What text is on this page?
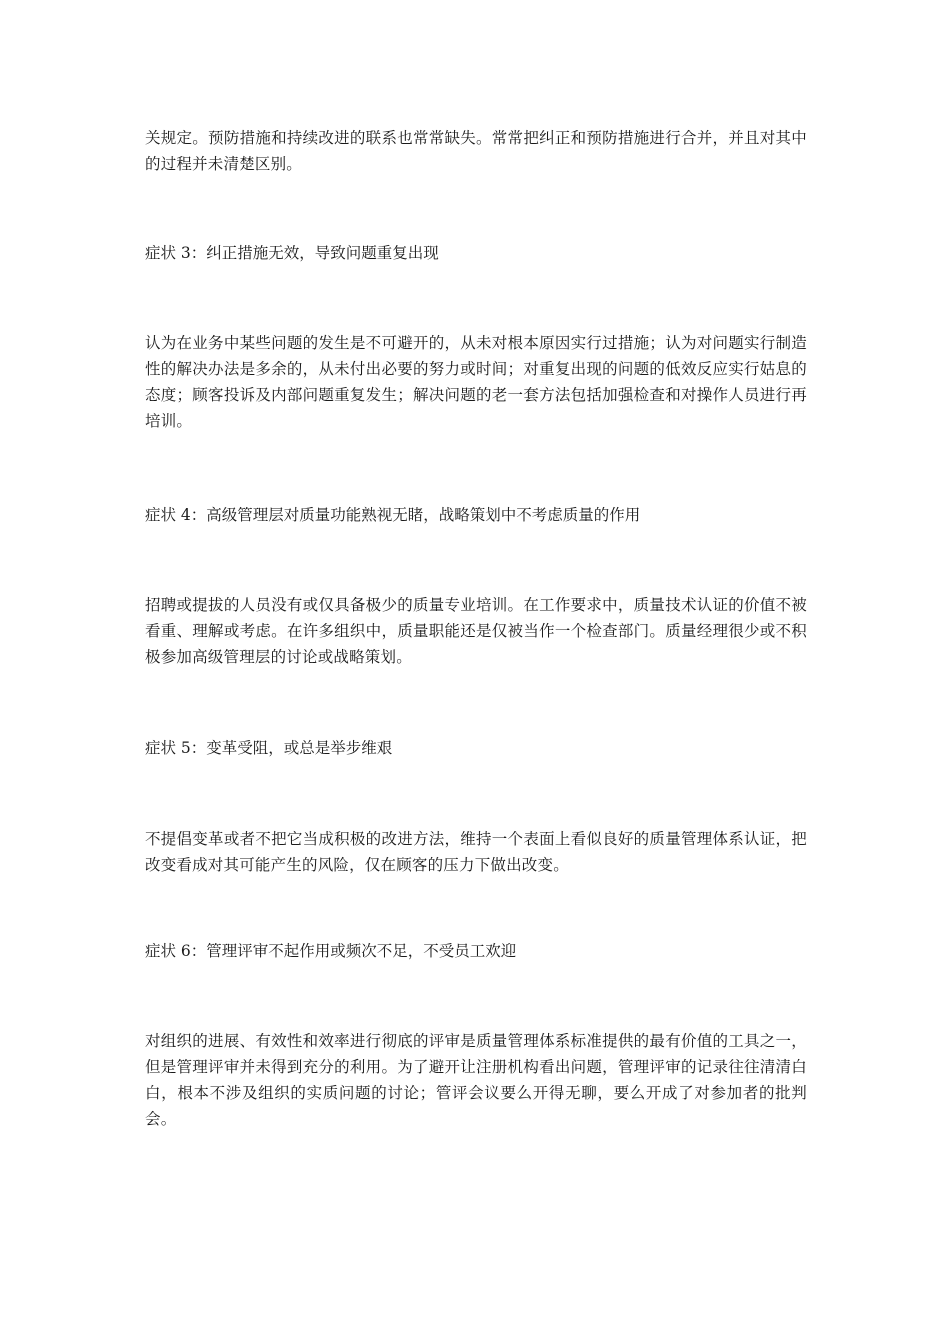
关规定。预防措施和持续改进的联系也常常缺失。常常把纠正和预防措施进行合并，并且对其中的过程并未清楚区别。

症状 3：纠正措施无效，导致问题重复出现

认为在业务中某些问题的发生是不可避开的，从未对根本原因实行过措施；认为对问题实行制造性的解决办法是多余的，从未付出必要的努力或时间；对重复出现的问题的低效反应实行姑息的态度；顾客投诉及内部问题重复发生；解决问题的老一套方法包括加强检查和对操作人员进行再培训。

症状 4：高级管理层对质量功能熟视无睹，战略策划中不考虑质量的作用

招聘或提拔的人员没有或仅具备极少的质量专业培训。在工作要求中，质量技术认证的价值不被看重、理解或考虑。在许多组织中，质量职能还是仅被当作一个检查部门。质量经理很少或不积极参加高级管理层的讨论或战略策划。

症状 5：变革受阻，或总是举步维艰

不提倡变革或者不把它当成积极的改进方法，维持一个表面上看似良好的质量管理体系认证，把改变看成对其可能产生的风险，仅在顾客的压力下做出改变。

症状 6：管理评审不起作用或频次不足，不受员工欢迎

对组织的进展、有效性和效率进行彻底的评审是质量管理体系标准提供的最有价值的工具之一，但是管理评审并未得到充分的利用。为了避开让注册机构看出问题，管理评审的记录往往清清白白，根本不涉及组织的实质问题的讨论；管评会议要么开得无聊，要么开成了对参加者的批判会。
